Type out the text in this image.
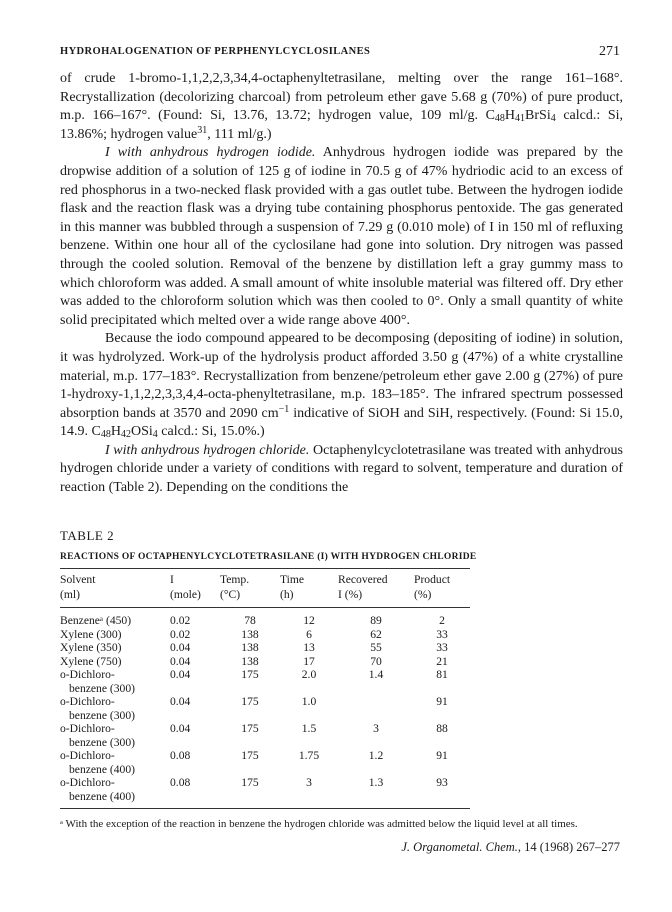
HYDROHALOGENATION OF PERPHENYLCYCLOSILANES	271

of crude 1-bromo-1,1,2,2,3,34,4-octaphenyltetrasilane, melting over the range 161–168°. Recrystallization (decolorizing charcoal) from petroleum ether gave 5.68 g (70%) of pure product, m.p. 166–167°. (Found: Si, 13.76, 13.72; hydrogen value, 109 ml/g. $C_{48}H_{41}BrSi_4$ calcd.: Si, 13.86%; hydrogen value$^{31}$, 111 ml/g.)

I with anhydrous hydrogen iodide. Anhydrous hydrogen iodide was prepared by the dropwise addition of a solution of 125 g of iodine in 70.5 g of 47% hydriodic acid to an excess of red phosphorus in a two-necked flask provided with a gas outlet tube. Between the hydrogen iodide flask and the reaction flask was a drying tube containing phosphorus pentoxide. The gas generated in this manner was bubbled through a suspension of 7.29 g (0.010 mole) of I in 150 ml of refluxing benzene. Within one hour all of the cyclosilane had gone into solution. Dry nitrogen was passed through the cooled solution. Removal of the benzene by distillation left a gray gummy mass to which chloroform was added. A small amount of white insoluble material was filtered off. Dry ether was added to the chloroform solution which was then cooled to 0°. Only a small quantity of white solid precipitated which melted over a wide range above 400°.

Because the iodo compound appeared to be decomposing (depositing of iodine) in solution, it was hydrolyzed. Work-up of the hydrolysis product afforded 3.50 g (47%) of a white crystalline material, m.p. 177–183°. Recrystallization from benzene/petroleum ether gave 2.00 g (27%) of pure 1-hydroxy-1,1,2,2,3,3,4,4-octa-phenyltetrasilane, m.p. 183–185°. The infrared spectrum possessed absorption bands at 3570 and 2090 $cm^{-1}$ indicative of SiOH and SiH, respectively. (Found: Si 15.0, 14.9. $C_{48}H_{42}OSi_4$ calcd.: Si, 15.0%.)

I with anhydrous hydrogen chloride. Octaphenylcyclotetrasilane was treated with anhydrous hydrogen chloride under a variety of conditions with regard to solvent, temperature and duration of reaction (Table 2). Depending on the conditions the

TABLE 2
REACTIONS OF OCTAPHENYLCYCLOTETRASILANE (I) WITH HYDROGEN CHLORIDE
Solvent	I	Temp.	Time	Recovered	Product
(ml)	(mole)	(°C)	(h)	I (%)	(%)

Benzeneᵃ (450)	0.02	78	12	89	2

Xylene (300)	0.02	138	6	62	33

Xylene (350)	0.04	138	13	55	33

Xylene (750)	0.04	138	17	70	21

o-Dichloro-
benzene (300)	0.04	175	2.0	1.4	81

o-Dichloro-
benzene (300)	0.04	175	1.0		91

o-Dichloro-
benzene (300)	0.04	175	1.5	3	88

o-Dichloro-
benzene (400)	0.08	175	1.75	1.2	91

o-Dichloro-
benzene (400)	0.08	175	3	1.3	93
ᵃ With the exception of the reaction in benzene the hydrogen chloride was admitted below the liquid level at all times.
J. Organometal. Chem., 14 (1968) 267–277
